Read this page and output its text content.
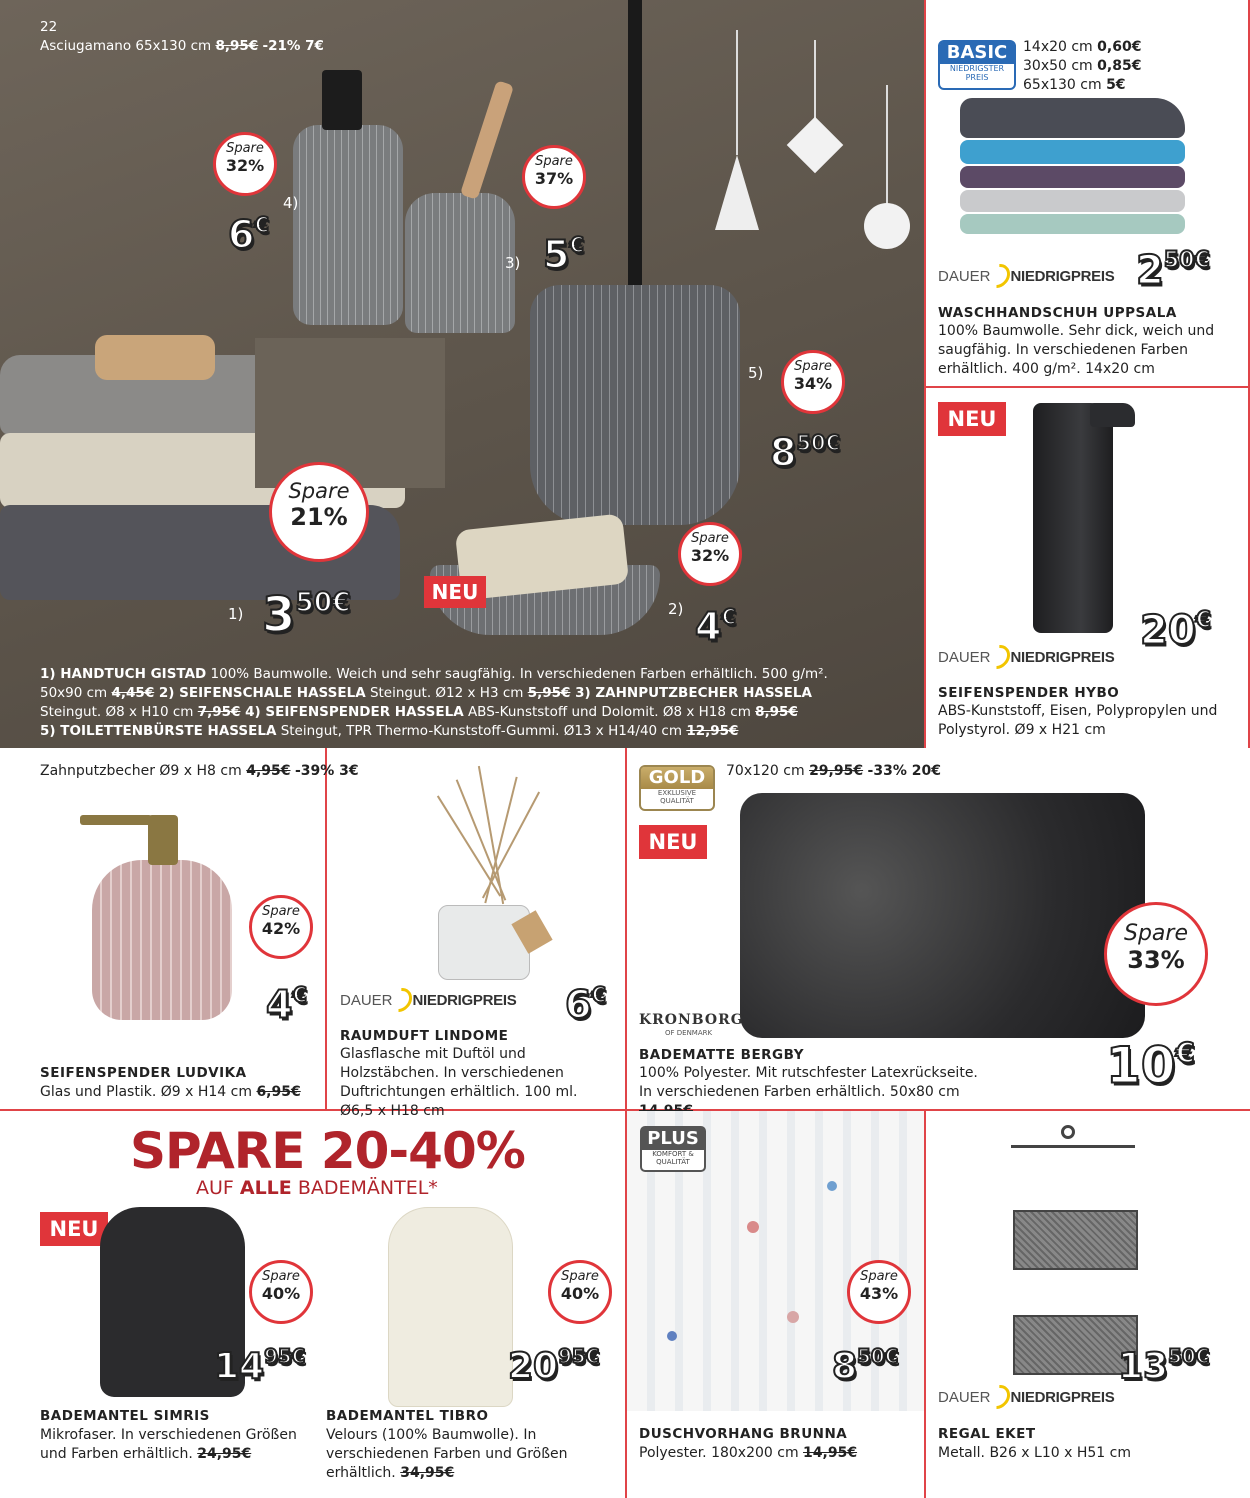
22
Asciugamano 65x130 cm 8,95€ -21% 7€
Spare
32%
4)
6€
Spare
37%
3) 5€
Spare
34%
5)
$8^{50€}$
Spare
21%
1) $3^{50€}$	NEU
Spare
32%
2) 4€
1) HANDTUCH GISTAD 100% Baumwolle. Weich und sehr saugfähig. In verschiedenen Farben erhältlich. 500 g/m².
50x90 cm 4,45€ 2) SEIFENSCHALE HASSELA Steingut. Ø12 x H3 cm 5,95€ 3) ZAHNPUTZBECHER HASSELA
Steingut. Ø8 x H10 cm 7,95€ 4) SEIFENSPENDER HASSELA ABS-Kunststoff und Dolomit. Ø8 x H18 cm 8,95€
5) TOILETTENBÜRSTE HASSELA Steingut, TPR Thermo-Kunststoff-Gummi. Ø13 x H14/40 cm 12,95€
BASIC
NIEDRIGSTER PREIS
14x20 cm 0,60€
30x50 cm 0,85€
65x130 cm 5€
DAUER NIEDRIGPREIS $2^{50€}$
WASCHHANDSCHUH UPPSALA
100% Baumwolle. Sehr dick, weich und saugfähig. In verschiedenen Farben erhältlich. 400 g/m². 14x20 cm
NEU
DAUER NIEDRIGPREIS
20€
SEIFENSPENDER HYBO
ABS-Kunststoff, Eisen, Polypropylen und Polystyrol. Ø9 x H21 cm
Zahnputzbecher Ø9 x H8 cm 4,95€ -39% 3€
Spare
42%
4€
SEIFENSPENDER LUDVIKA
Glas und Plastik. Ø9 x H14 cm 6,95€
DAUER NIEDRIGPREIS 6€
RAUMDUFT LINDOME
Glasflasche mit Duftöl und Holzstäbchen. In verschiedenen Duftrichtungen erhältlich. 100 ml. Ø6,5 x H18 cm
GOLD
EXKLUSIVE QUALITÄT
70x120 cm 29,95€ -33% 20€
NEU
KRONBORG
OF DENMARK
Spare
33%
10€
BADEMATTE BERGBY
100% Polyester. Mit rutschfester Latexrückseite. In verschiedenen Farben erhältlich. 50x80 cm
SPARE 20-40%
AUF ALLE BADEMÄNTEL*
NEU
Spare
40%
$14^{95€}$
BADEMANTEL SIMRIS
Mikrofaser. In verschiedenen Größen und Farben erhältlich. 24,95€
Spare
40%
$20^{95€}$
BADEMANTEL TIBRO
Velours (100% Baumwolle). In verschiedenen Farben und Größen erhältlich. 34,95€
PLUS
KOMFORT & QUALITÄT
Spare
43%
$8^{50€}$
DUSCHVORHANG BRUNNA
Polyester. 180x200 cm 14,95€
DAUER NIEDRIGPREIS
$13^{50€}$
REGAL EKET
Metall. B26 x L10 x H51 cm
